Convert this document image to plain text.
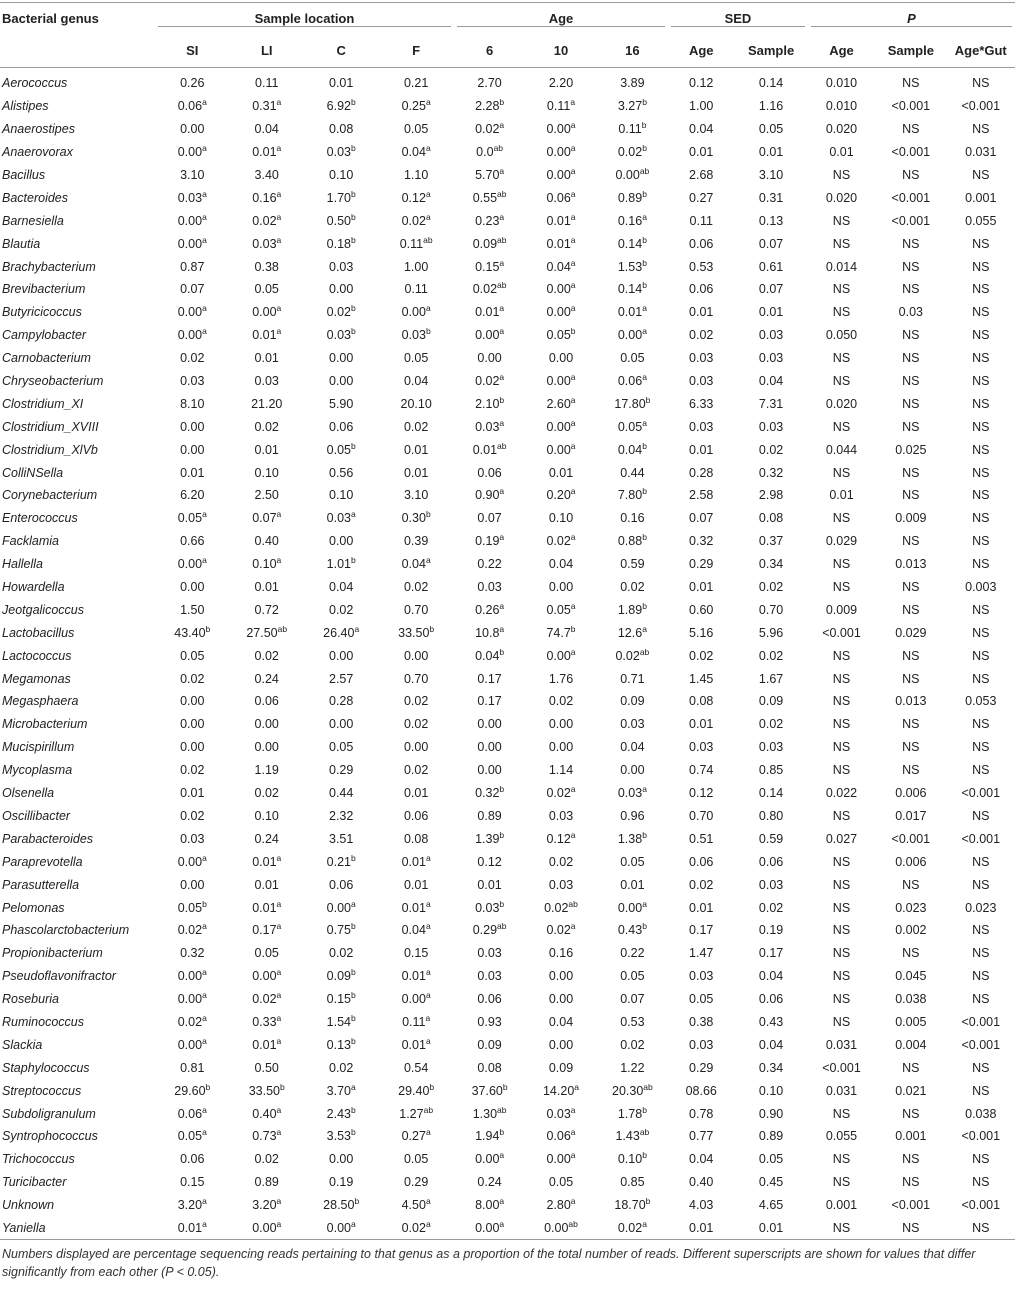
Bacterial genus	Sample location				Age			SED		P		
	SI	LI	C	F	6	10	16	Age	Sample	Age	Sample	Age*Gut
Aerococcus	0.26	0.11	0.01	0.21	2.70	2.20	3.89	0.12	0.14	0.010	NS	NS
Alistipes	0.06$^a$	0.31$^a$	6.92$^b$	0.25$^a$	2.28$^b$	0.11$^a$	3.27$^b$	1.00	1.16	0.010	<0.001	<0.001
Anaerostipes	0.00	0.04	0.08	0.05	0.02$^a$	0.00$^a$	0.11$^b$	0.04	0.05	0.020	NS	NS
Anaerovorax	0.00$^a$	0.01$^a$	0.03$^b$	0.04$^a$	0.0$^{ab}$	0.00$^a$	0.02$^b$	0.01	0.01	0.01	<0.001	0.031
Bacillus	3.10	3.40	0.10	1.10	5.70$^a$	0.00$^a$	0.00$^{ab}$	2.68	3.10	NS	NS	NS
Bacteroides	0.03$^a$	0.16$^a$	1.70$^b$	0.12$^a$	0.55$^{ab}$	0.06$^a$	0.89$^b$	0.27	0.31	0.020	<0.001	0.001
Barnesiella	0.00$^a$	0.02$^a$	0.50$^b$	0.02$^a$	0.23$^a$	0.01$^a$	0.16$^a$	0.11	0.13	NS	<0.001	0.055
Blautia	0.00$^a$	0.03$^a$	0.18$^b$	0.11$^{ab}$	0.09$^{ab}$	0.01$^a$	0.14$^b$	0.06	0.07	NS	NS	NS
Brachybacterium	0.87	0.38	0.03	1.00	0.15$^a$	0.04$^a$	1.53$^b$	0.53	0.61	0.014	NS	NS
Brevibacterium	0.07	0.05	0.00	0.11	0.02$^{ab}$	0.00$^a$	0.14$^b$	0.06	0.07	NS	NS	NS
Butyricicoccus	0.00$^a$	0.00$^a$	0.02$^b$	0.00$^a$	0.01$^a$	0.00$^a$	0.01$^a$	0.01	0.01	NS	0.03	NS
Campylobacter	0.00$^a$	0.01$^a$	0.03$^b$	0.03$^b$	0.00$^a$	0.05$^b$	0.00$^a$	0.02	0.03	0.050	NS	NS
Carnobacterium	0.02	0.01	0.00	0.05	0.00	0.00	0.05	0.03	0.03	NS	NS	NS
Chryseobacterium	0.03	0.03	0.00	0.04	0.02$^a$	0.00$^a$	0.06$^a$	0.03	0.04	NS	NS	NS
Clostridium_XI	8.10	21.20	5.90	20.10	2.10$^b$	2.60$^a$	17.80$^b$	6.33	7.31	0.020	NS	NS
Clostridium_XVIII	0.00	0.02	0.06	0.02	0.03$^a$	0.00$^a$	0.05$^a$	0.03	0.03	NS	NS	NS
Clostridium_XlVb	0.00	0.01	0.05$^b$	0.01	0.01$^{ab}$	0.00$^a$	0.04$^b$	0.01	0.02	0.044	0.025	NS
ColliNSella	0.01	0.10	0.56	0.01	0.06	0.01	0.44	0.28	0.32	NS	NS	NS
Corynebacterium	6.20	2.50	0.10	3.10	0.90$^a$	0.20$^a$	7.80$^b$	2.58	2.98	0.01	NS	NS
Enterococcus	0.05$^a$	0.07$^a$	0.03$^a$	0.30$^b$	0.07	0.10	0.16	0.07	0.08	NS	0.009	NS
Facklamia	0.66	0.40	0.00	0.39	0.19$^a$	0.02$^a$	0.88$^b$	0.32	0.37	0.029	NS	NS
Hallella	0.00$^a$	0.10$^a$	1.01$^b$	0.04$^a$	0.22	0.04	0.59	0.29	0.34	NS	0.013	NS
Howardella	0.00	0.01	0.04	0.02	0.03	0.00	0.02	0.01	0.02	NS	NS	0.003
Jeotgalicoccus	1.50	0.72	0.02	0.70	0.26$^a$	0.05$^a$	1.89$^b$	0.60	0.70	0.009	NS	NS
Lactobacillus	43.40$^b$	27.50$^{ab}$	26.40$^a$	33.50$^b$	10.8$^a$	74.7$^b$	12.6$^a$	5.16	5.96	<0.001	0.029	NS
Lactococcus	0.05	0.02	0.00	0.00	0.04$^b$	0.00$^a$	0.02$^{ab}$	0.02	0.02	NS	NS	NS
Megamonas	0.02	0.24	2.57	0.70	0.17	1.76	0.71	1.45	1.67	NS	NS	NS
Megasphaera	0.00	0.06	0.28	0.02	0.17	0.02	0.09	0.08	0.09	NS	0.013	0.053
Microbacterium	0.00	0.00	0.00	0.02	0.00	0.00	0.03	0.01	0.02	NS	NS	NS
Mucispirillum	0.00	0.00	0.05	0.00	0.00	0.00	0.04	0.03	0.03	NS	NS	NS
Mycoplasma	0.02	1.19	0.29	0.02	0.00	1.14	0.00	0.74	0.85	NS	NS	NS
Olsenella	0.01	0.02	0.44	0.01	0.32$^b$	0.02$^a$	0.03$^a$	0.12	0.14	0.022	0.006	<0.001
Oscillibacter	0.02	0.10	2.32	0.06	0.89	0.03	0.96	0.70	0.80	NS	0.017	NS
Parabacteroides	0.03	0.24	3.51	0.08	1.39$^b$	0.12$^a$	1.38$^b$	0.51	0.59	0.027	<0.001	<0.001
Paraprevotella	0.00$^a$	0.01$^a$	0.21$^b$	0.01$^a$	0.12	0.02	0.05	0.06	0.06	NS	0.006	NS
Parasutterella	0.00	0.01	0.06	0.01	0.01	0.03	0.01	0.02	0.03	NS	NS	NS
Pelomonas	0.05$^b$	0.01$^a$	0.00$^a$	0.01$^a$	0.03$^b$	0.02$^{ab}$	0.00$^a$	0.01	0.02	NS	0.023	0.023
Phascolarctobacterium	0.02$^a$	0.17$^a$	0.75$^b$	0.04$^a$	0.29$^{ab}$	0.02$^a$	0.43$^b$	0.17	0.19	NS	0.002	NS
Propionibacterium	0.32	0.05	0.02	0.15	0.03	0.16	0.22	1.47	0.17	NS	NS	NS
Pseudoflavonifractor	0.00$^a$	0.00$^a$	0.09$^b$	0.01$^a$	0.03	0.00	0.05	0.03	0.04	NS	0.045	NS
Roseburia	0.00$^a$	0.02$^a$	0.15$^b$	0.00$^a$	0.06	0.00	0.07	0.05	0.06	NS	0.038	NS
Ruminococcus	0.02$^a$	0.33$^a$	1.54$^b$	0.11$^a$	0.93	0.04	0.53	0.38	0.43	NS	0.005	<0.001
Slackia	0.00$^a$	0.01$^a$	0.13$^b$	0.01$^a$	0.09	0.00	0.02	0.03	0.04	0.031	0.004	<0.001
Staphylococcus	0.81	0.50	0.02	0.54	0.08	0.09	1.22	0.29	0.34	<0.001	NS	NS
Streptococcus	29.60$^b$	33.50$^b$	3.70$^a$	29.40$^b$	37.60$^b$	14.20$^a$	20.30$^{ab}$	08.66	0.10	0.031	0.021	NS
Subdoligranulum	0.06$^a$	0.40$^a$	2.43$^b$	1.27$^{ab}$	1.30$^{ab}$	0.03$^a$	1.78$^b$	0.78	0.90	NS	NS	0.038
Syntrophococcus	0.05$^a$	0.73$^a$	3.53$^b$	0.27$^a$	1.94$^b$	0.06$^a$	1.43$^{ab}$	0.77	0.89	0.055	0.001	<0.001
Trichococcus	0.06	0.02	0.00	0.05	0.00$^a$	0.00$^a$	0.10$^b$	0.04	0.05	NS	NS	NS
Turicibacter	0.15	0.89	0.19	0.29	0.24	0.05	0.85	0.40	0.45	NS	NS	NS
Unknown	3.20$^a$	3.20$^a$	28.50$^b$	4.50$^a$	8.00$^a$	2.80$^a$	18.70$^b$	4.03	4.65	0.001	<0.001	<0.001
Yaniella	0.01$^a$	0.00$^a$	0.00$^a$	0.02$^a$	0.00$^a$	0.00$^{ab}$	0.02$^a$	0.01	0.01	NS	NS	NS
Numbers displayed are percentage sequencing reads pertaining to that genus as a proportion of the total number of reads. Different superscripts are shown for values that differ significantly from each other (P < 0.05).
